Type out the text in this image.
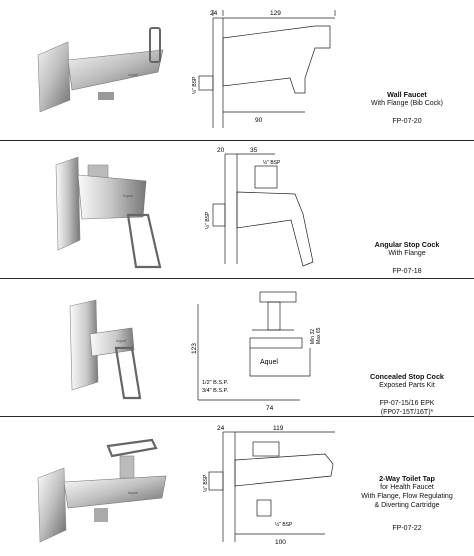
Aquel
24	129
½" BSP
90
Wall Faucet
With Flange (Bib Cock)
FP-07-20
Aquel
20	35
½" BSP
½" BSP
Angular Stop Cock
With Flange
FP-07-18
Aquel
123
Min 32 Max 65
Aquel
1/2" B.S.P.
3/4" B.S.P.
74
Concealed Stop Cock
Exposed Parts Kit
FP-07-15/16 EPK
(FP07-15T/16T)*
Aquel
24	119
½" BSP
½" BSP
100
2-Way Toilet Tap
for Health Faucet
With Flange, Flow Regulating
& Diverting Cartridge
FP-07-22
